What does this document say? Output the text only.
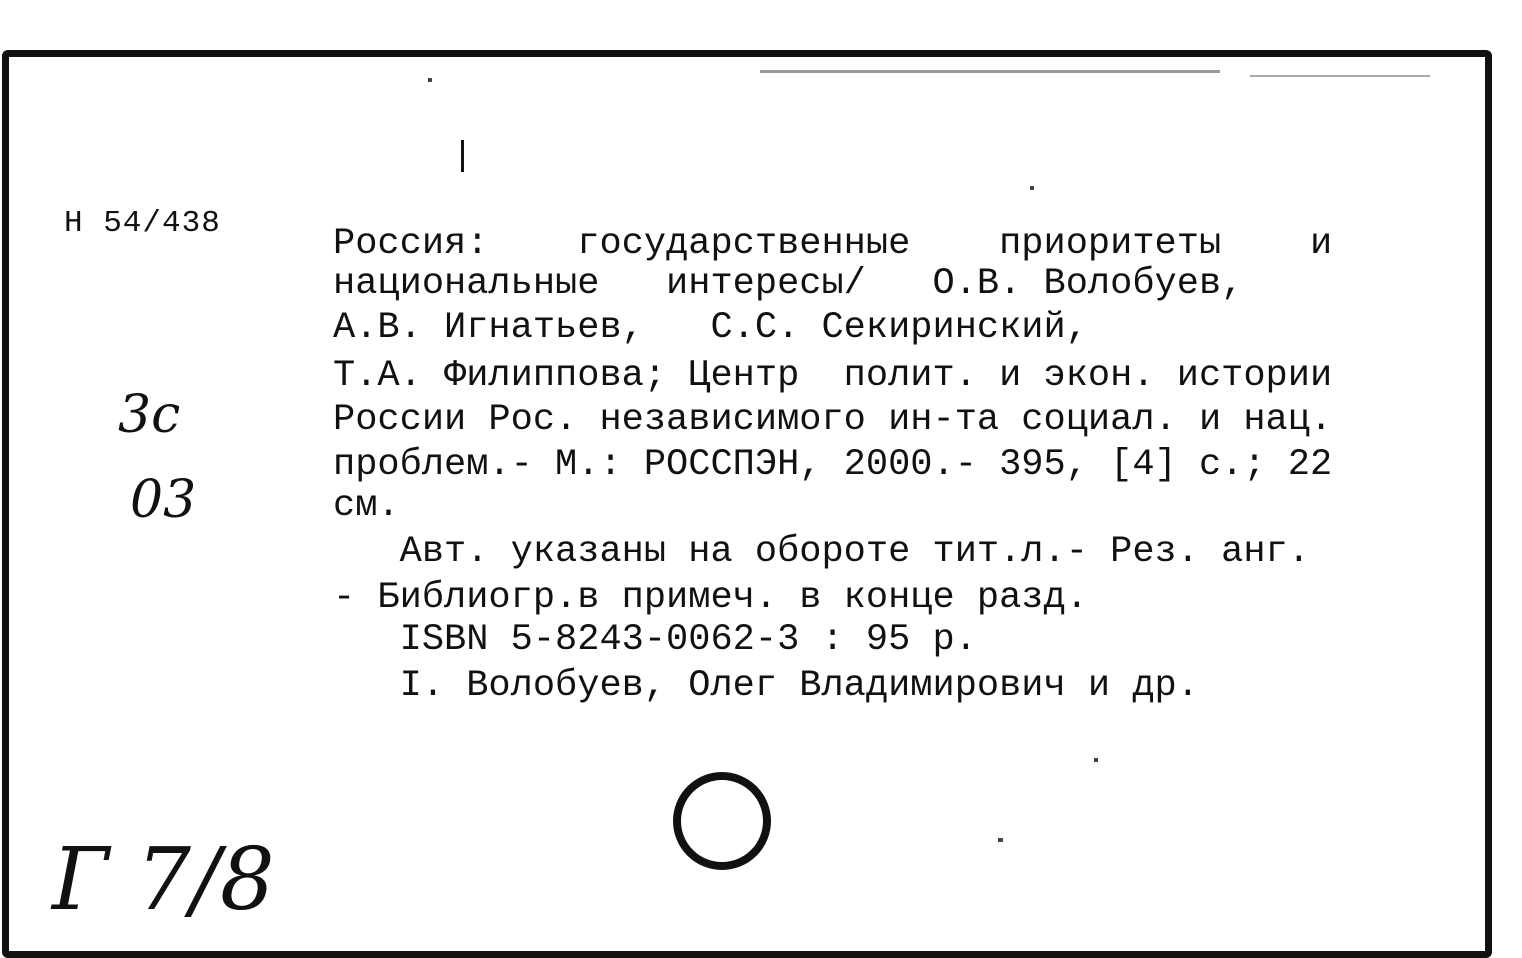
Н 54/438
3c
03
Г 7/8
Россия:    государственные    приоритеты    и
национальные   интересы/   О.В. Волобуев,
А.В. Игнатьев,   С.С. Секиринский,
Т.А. Филиппова; Центр  полит. и экон. истории
России Рос. независимого ин-та социал. и нац.
проблем.- М.: РОССПЭН, 2000.- 395, [4] с.; 22
см.
Авт. указаны на обороте тит.л.- Рез. анг.
- Библиогр.в примеч. в конце разд.
ISBN 5-8243-0062-3 : 95 р.
I. Волобуев, Олег Владимирович и др.
